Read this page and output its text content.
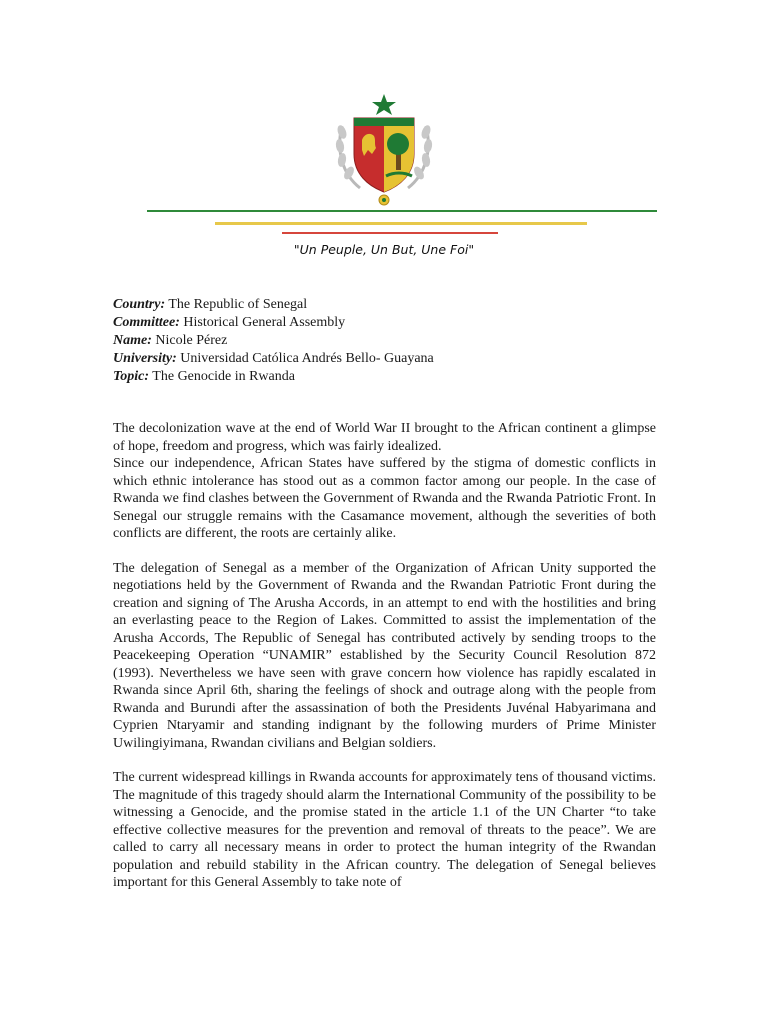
"Un Peuple, Un But, Une Foi"
Country: The Republic of Senegal
Committee: Historical General Assembly
Name: Nicole Pérez
University: Universidad Católica Andrés Bello- Guayana
Topic: The Genocide in Rwanda

The decolonization wave at the end of World War II brought to the African continent a glimpse of hope, freedom and progress, which was fairly idealized.

Since our independence, African States have suffered by the stigma of domestic conflicts in which ethnic intolerance has stood out as a common factor among our people. In the case of Rwanda we find clashes between the Government of Rwanda and the Rwanda Patriotic Front. In Senegal our struggle remains with the Casamance movement, although the severities of both conflicts are different, the roots are certainly alike.

The delegation of Senegal as a member of the Organization of African Unity supported the negotiations held by the Government of Rwanda and the Rwandan Patriotic Front during the creation and signing of The Arusha Accords, in an attempt to end with the hostilities and bring an everlasting peace to the Region of Lakes. Committed to assist the implementation of the Arusha Accords, The Republic of Senegal has contributed actively by sending troops to the Peacekeeping Operation “UNAMIR” established by the Security Council Resolution 872 (1993). Nevertheless we have seen with grave concern how violence has rapidly escalated in Rwanda since April 6th, sharing the feelings of shock and outrage along with the people from Rwanda and Burundi after the assassination of both the Presidents Juvénal Habyarimana and Cyprien Ntaryamir and standing indignant by the following murders of Prime Minister Uwilingiyimana, Rwandan civilians and Belgian soldiers.

The current widespread killings in Rwanda accounts for approximately tens of thousand victims. The magnitude of this tragedy should alarm the International Community of the possibility to be witnessing a Genocide, and the promise stated in the article 1.1 of the UN Charter “to take effective collective measures for the prevention and removal of threats to the peace”. We are called to carry all necessary means in order to protect the human integrity of the Rwandan population and rebuild stability in the African country. The delegation of Senegal believes important for this General Assembly to take note of
